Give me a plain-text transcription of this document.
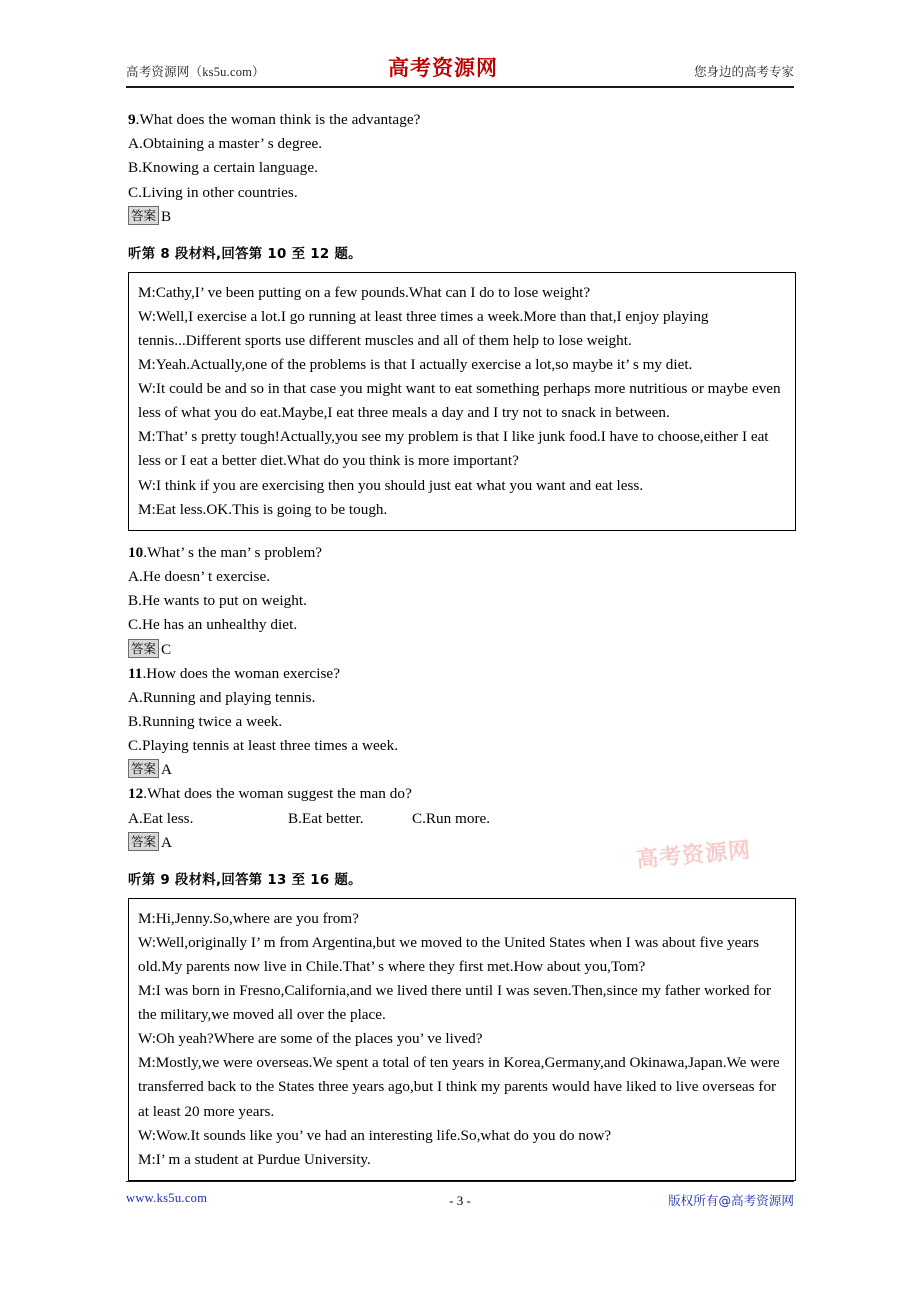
高考资源网（ks5u.com）	高考资源网	您身边的高考专家
高考资源网
9.What does the woman think is the advantage?
A.Obtaining a master’ s degree.
B.Knowing a certain language.
C.Living in other countries.
答案 B
听第 8 段材料,回答第 10 至 12 题。
M:Cathy,I’ ve been putting on a few pounds.What can I do to lose weight?
W:Well,I exercise a lot.I go running at least three times a week.More than that,I enjoy playing tennis...Different sports use different muscles and all of them help to lose weight.
M:Yeah.Actually,one of the problems is that I actually exercise a lot,so maybe it’ s my diet.
W:It could be and so in that case you might want to eat something perhaps more nutritious or maybe even less of what you do eat.Maybe,I eat three meals a day and I try not to snack in between.
M:That’ s pretty tough!Actually,you see my problem is that I like junk food.I have to choose,either I eat less or I eat a better diet.What do you think is more important?
W:I think if you are exercising then you should just eat what you want and eat less.
M:Eat less.OK.This is going to be tough.
10.What’ s the man’ s problem?
A.He doesn’ t exercise.
B.He wants to put on weight.
C.He has an unhealthy diet.
答案 C
11.How does the woman exercise?
A.Running and playing tennis.
B.Running twice a week.
C.Playing tennis at least three times a week.
答案 A
12.What does the woman suggest the man do?
A.Eat less.	B.Eat better.	C.Run more.
答案 A
听第 9 段材料,回答第 13 至 16 题。
M:Hi,Jenny.So,where are you from?
W:Well,originally I’ m from Argentina,but we moved to the United States when I was about five years old.My parents now live in Chile.That’ s where they first met.How about you,Tom?
M:I was born in Fresno,California,and we lived there until I was seven.Then,since my father worked for the military,we moved all over the place.
W:Oh yeah?Where are some of the places you’ ve lived?
M:Mostly,we were overseas.We spent a total of ten years in Korea,Germany,and Okinawa,Japan.We were transferred back to the States three years ago,but I think my parents would have liked to live overseas for at least 20 more years.
W:Wow.It sounds like you’ ve had an interesting life.So,what do you do now?
M:I’ m a student at Purdue University.
www.ks5u.com	- 3 -	版权所有@高考资源网
